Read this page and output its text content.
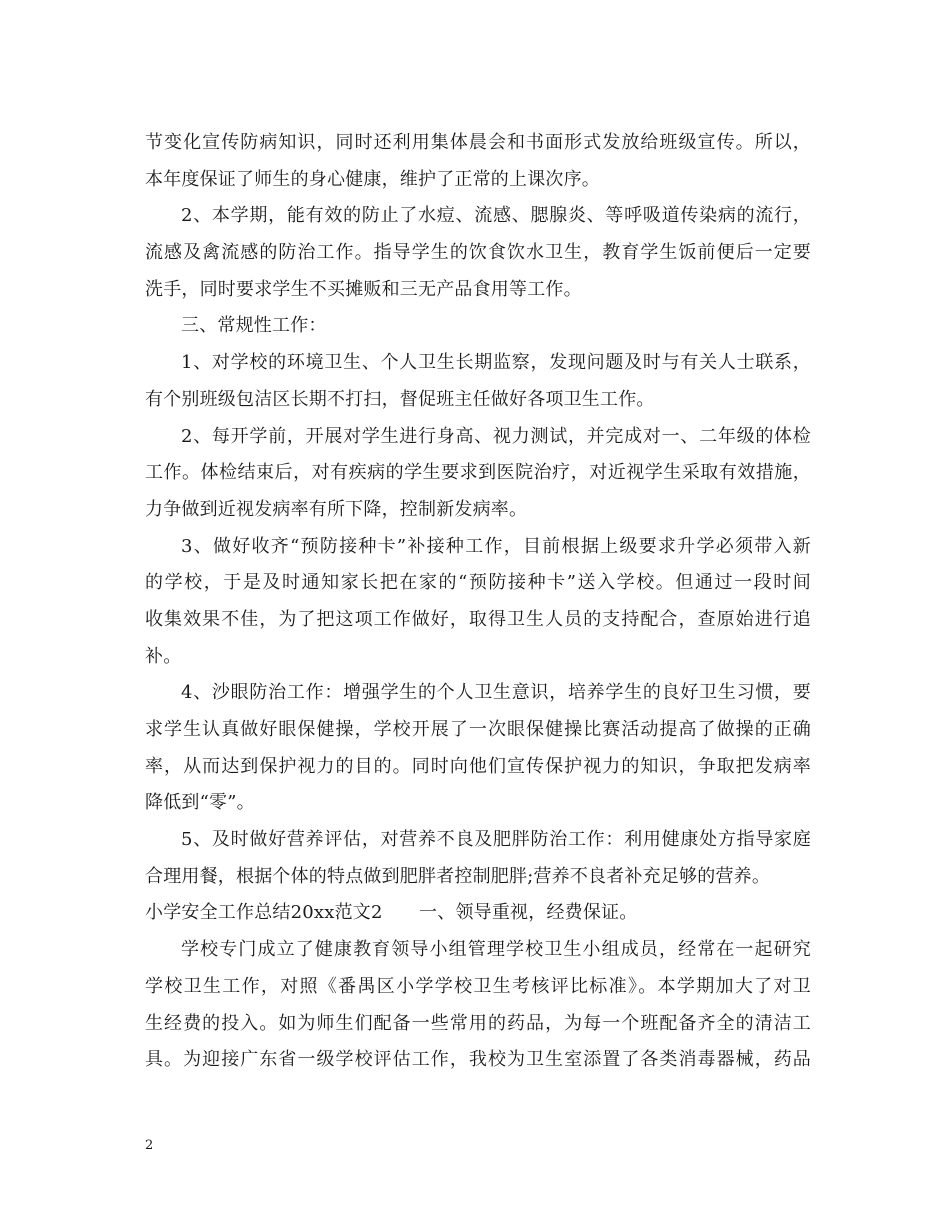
节变化宣传防病知识，同时还利用集体晨会和书面形式发放给班级宣传。所以，
本年度保证了师生的身心健康，维护了正常的上课次序。
2、本学期，能有效的防止了水痘、流感、腮腺炎、等呼吸道传染病的流行，
流感及禽流感的防治工作。指导学生的饮食饮水卫生，教育学生饭前便后一定要
洗手，同时要求学生不买摊贩和三无产品食用等工作。
三、常规性工作：
1、对学校的环境卫生、个人卫生长期监察，发现问题及时与有关人士联系，
有个别班级包洁区长期不打扫，督促班主任做好各项卫生工作。
2、每开学前，开展对学生进行身高、视力测试，并完成对一、二年级的体检
工作。体检结束后，对有疾病的学生要求到医院治疗，对近视学生采取有效措施，
力争做到近视发病率有所下降，控制新发病率。
3、做好收齐“预防接种卡”补接种工作，目前根据上级要求升学必须带入新
的学校，于是及时通知家长把在家的“预防接种卡”送入学校。但通过一段时间
收集效果不佳，为了把这项工作做好，取得卫生人员的支持配合，查原始进行追
补。
4、沙眼防治工作：增强学生的个人卫生意识，培养学生的良好卫生习惯，要
求学生认真做好眼保健操，学校开展了一次眼保健操比赛活动提高了做操的正确
率，从而达到保护视力的目的。同时向他们宣传保护视力的知识，争取把发病率
降低到“零”。
5、及时做好营养评估，对营养不良及肥胖防治工作：利用健康处方指导家庭
合理用餐，根据个体的特点做到肥胖者控制肥胖;营养不良者补充足够的营养。
小学安全工作总结20xx范文2　　一、领导重视，经费保证。
学校专门成立了健康教育领导小组管理学校卫生小组成员，经常在一起研究
学校卫生工作，对照《番禺区小学学校卫生考核评比标准》。本学期加大了对卫
生经费的投入。如为师生们配备一些常用的药品，为每一个班配备齐全的清洁工
具。为迎接广东省一级学校评估工作，我校为卫生室添置了各类消毒器械，药品
2
